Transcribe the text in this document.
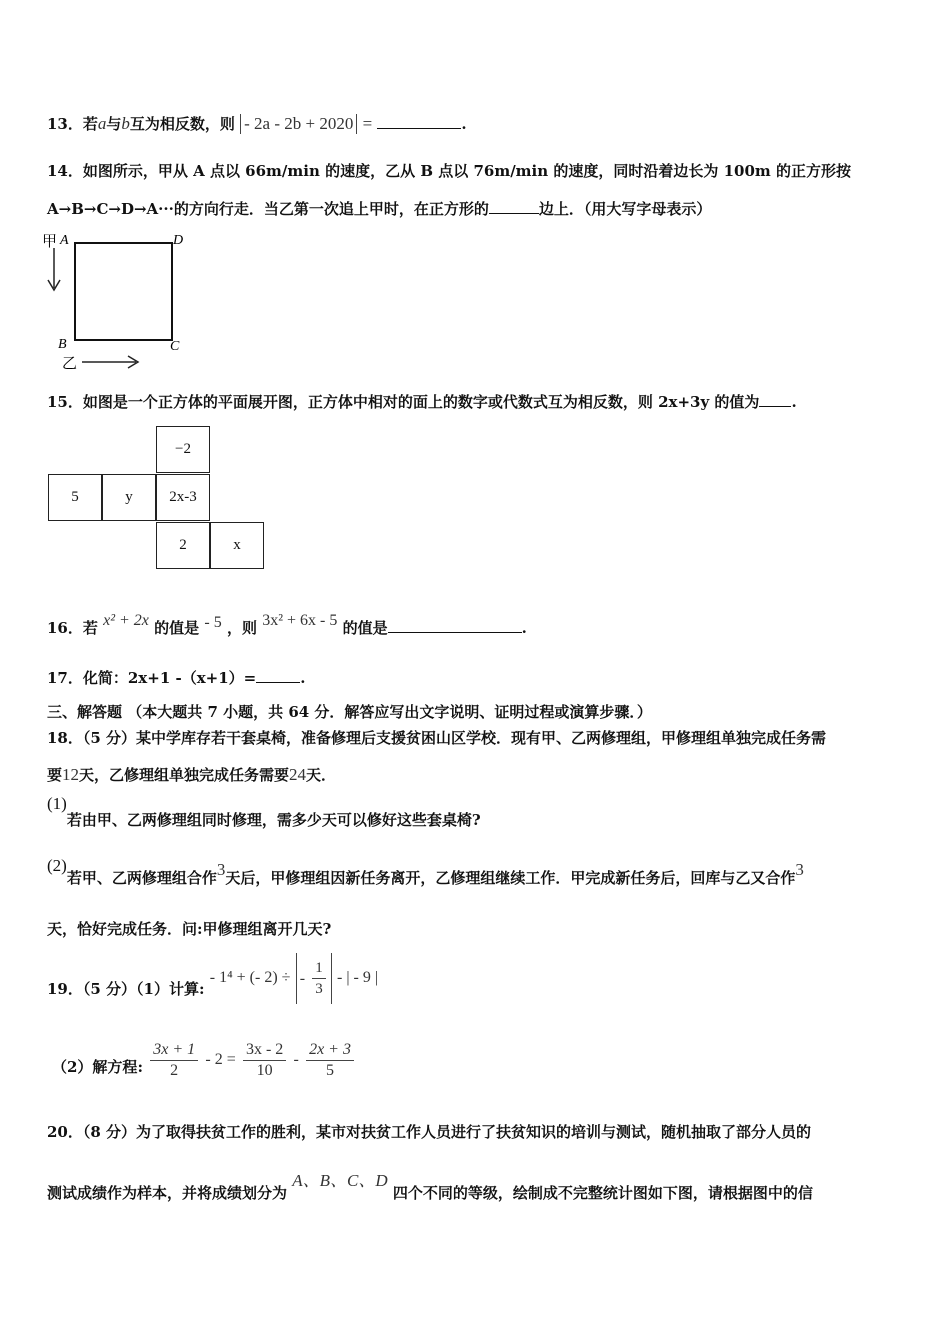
13．若a与b互为相反数，则 - 2a - 2b + 2020 =	.
14．如图所示，甲从 A 点以 66m/min 的速度，乙从 B 点以 76m/min 的速度，同时沿着边长为 100m 的正方形按
A→B→C→D→A···的方向行走．当乙第一次追上甲时，在正方形的	边上．（用大写字母表示）
甲 A	D
B	C
乙
15．如图是一个正方体的平面展开图，正方体中相对的面上的数字或代数式互为相反数，则 2x+3y 的值为 .
−2
5	y	2x-3
2	x
16．若 x² + 2x 的值是 - 5 ，则 3x² + 6x - 5 的值是	.
17．化简：2x+1 -（x+1）=	.
三、解答题 （本大题共 7 小题，共 64 分．解答应写出文字说明、证明过程或演算步骤．）
18．（5 分）某中学库存若干套桌椅，准备修理后支援贫困山区学校．现有甲、乙两修理组，甲修理组单独完成任务需
要12天，乙修理组单独完成任务需要24天．
(1)若由甲、乙两修理组同时修理，需多少天可以修好这些套桌椅?
(2)若甲、乙两修理组合作3天后，甲修理组因新任务离开，乙修理组继续工作．甲完成新任务后，回库与乙又合作3
天，恰好完成任务．问:甲修理组离开几天?
19．（5 分）（1）计算: - 1⁴ + (- 2) ÷ - $\frac{1}{3}$ - | - 9 |
（2）解方程: $\frac{3x + 1}{2} - 2 = \frac{3x - 2}{10} - \frac{2x + 3}{5}$
20．（8 分）为了取得扶贫工作的胜利，某市对扶贫工作人员进行了扶贫知识的培训与测试，随机抽取了部分人员的
测试成绩作为样本，并将成绩划分为 A、B、C、D 四个不同的等级，绘制成不完整统计图如下图，请根据图中的信
